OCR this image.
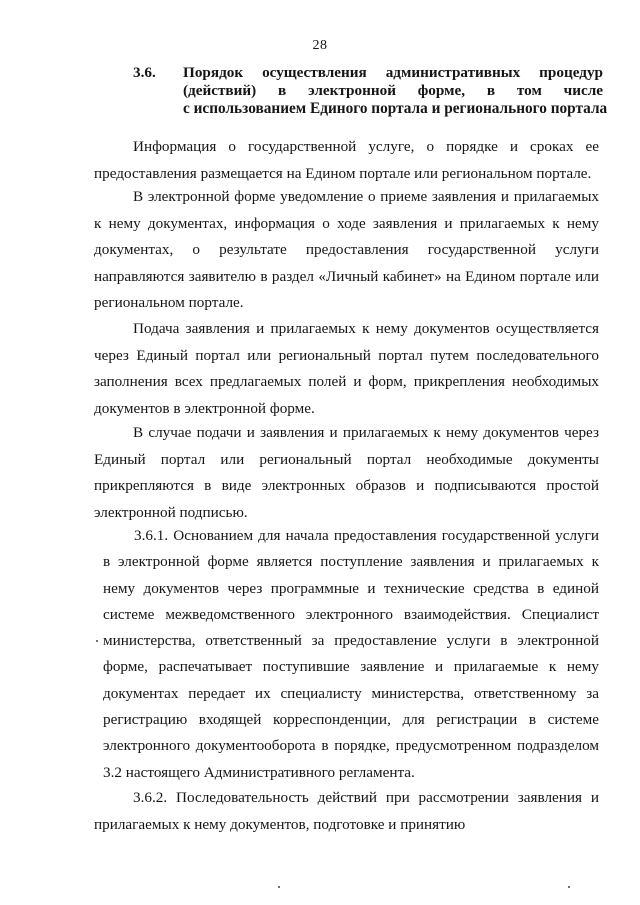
28
3.6. Порядок осуществления административных процедур
(действий) в электронной форме, в том числе
с использованием Единого портала и регионального портала

Информация о государственной услуге, о порядке и сроках ее предоставления размещается на Едином портале или региональном портале.

В электронной форме уведомление о приеме заявления и прилагаемых к нему документах, информация о ходе заявления и прилагаемых к нему документах, о результате предоставления государственной услуги направляются заявителю в раздел «Личный кабинет» на Едином портале или региональном портале.

Подача заявления и прилагаемых к нему документов осуществляется через Единый портал или региональный портал путем последовательного заполнения всех предлагаемых полей и форм, прикрепления необходимых документов в электронной форме.

В случае подачи и заявления и прилагаемых к нему документов через Единый портал или региональный портал необходимые документы прикрепляются в виде электронных образов и подписываются простой электронной подписью.

3.6.1. Основанием для начала предоставления государственной услуги в электронной форме является поступление заявления и прилагаемых к нему документов через программные и технические средства в единой системе межведомственного электронного взаимодействия. Специалист министерства, ответственный за предоставление услуги в электронной форме, распечатывает поступившие заявление и прилагаемые к нему документах передает их специалисту министерства, ответственному за регистрацию входящей корреспонденции, для регистрации в системе электронного документооборота в порядке, предусмотренном подразделом 3.2 настоящего Административного регламента.

3.6.2. Последовательность действий при рассмотрении заявления и прилагаемых к нему документов, подготовке и принятию
